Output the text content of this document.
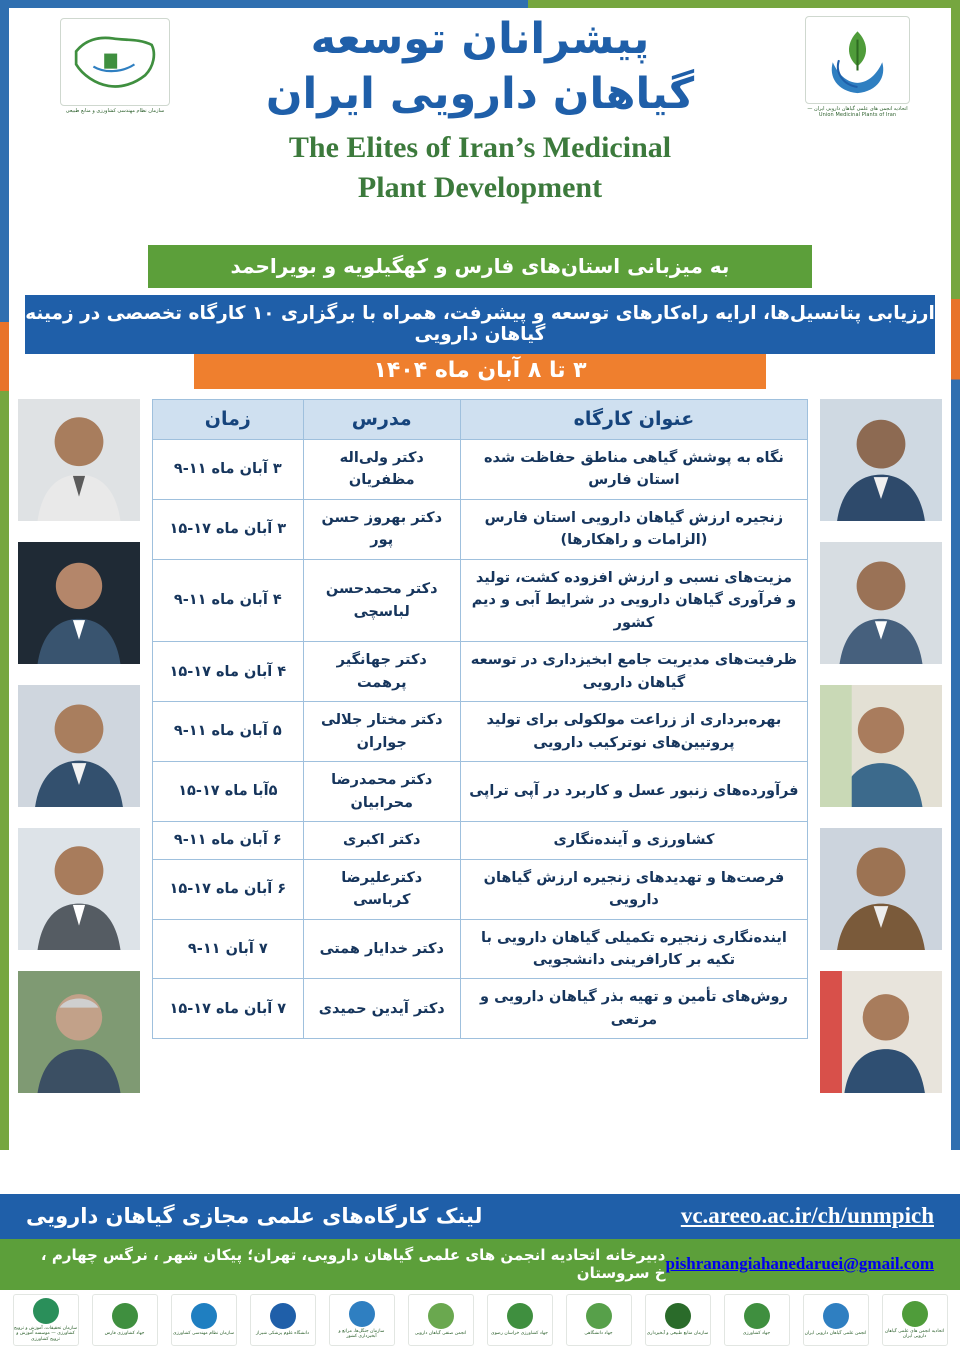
اتحادیه انجمن های علمی گیاهان دارویی ایران — Union Medicinal Plants of Iran
سازمان نظام مهندسی کشاورزی و منابع طبیعی
پیشرانان توسعه
گیاهان دارویی ایران
The Elites of Iran’s Medicinal
Plant Development
به میزبانی استان‌های فارس و کهگیلویه و بویراحمد
ارزیابی پتانسیل‌ها، ارایه راه‌کارهای توسعه و پیشرفت، همراه با برگزاری ۱۰ کارگاه تخصصی در زمینه گیاهان دارویی
۳ تا ۸ آبان ماه ۱۴۰۴
عنوان کارگاه	مدرس	زمان
نگاه به پوشش گیاهی مناطق حفاظت شده استان فارس	دکتر ولی‌اله مظفریان	۳ آبان ماه ۱۱-۹
زنجیره ارزش گیاهان دارویی استان فارس (الزامات و راهکارها)	دکتر بهروز حسن پور	۳ آبان ماه ۱۷-۱۵
مزیت‌های نسبی و ارزش افزوده کشت، تولید و فرآوری گیاهان دارویی در شرایط آبی و دیم کشور	دکتر محمدحسن لباسچی	۴ آبان ماه ۱۱-۹
ظرفیت‌های مدیریت جامع ابخیزداری در توسعه گیاهان دارویی	دکتر جهانگیر پرهمت	۴ آبان ماه ۱۷-۱۵
بهره‌برداری از زراعت مولکولی برای تولید پروتیین‌های نوترکیب دارویی	دکتر مختار جلالی جواران	۵ آبان ماه ۱۱-۹
فرآورده‌های زنبور عسل و کاربرد در آپی تراپی	دکتر محمدرضا محرابیان	۵آبا ماه ۱۷-۱۵
کشاورزی و آینده‌نگاری	دکتر اکبری	۶ آبان ماه ۱۱-۹
فرصت‌ها و تهدیدهای زنجیره ارزش گیاهان دارویی	دکترعلیرضا کرباسی	۶ آبان ماه ۱۷-۱۵
اینده‌نگاری زنجیره تکمیلی گیاهان دارویی با تکیه بر کارافرینی دانشجویی	دکتر خدایار همتی	۷ آبان ۱۱-۹
روش‌های تأمین و تهیه بذر گیاهان دارویی و مرتعی	دکتر آیدین حمیدی	۷ آبان ماه ۱۷-۱۵
لینک کارگاه‌های علمی مجازی گیاهان دارویی	vc.areeo.ac.ir/ch/unmpich
دبیرخانه اتحادیه انجمن های علمی گیاهان دارویی، تهران؛ پیکان شهر ، نرگس چهارم ، خ سروستان pishranangiahanedaruei@gmail.com
اتحادیه انجمن های علمی گیاهان دارویی ایران
انجمن علمی گیاهان دارویی ایران
جهاد کشاورزی
سازمان منابع طبیعی و آبخیزداری
جهاد دانشگاهی
جهاد کشاورزی خراسان رضوی
انجمن صنفی گیاهان دارویی
سازمان جنگل‌ها، مراتع و آبخیزداری کشور
دانشگاه علوم پزشکی شیراز
سازمان نظام مهندسی کشاورزی
جهاد کشاورزی فارس
سازمان تحقیقات، آموزش و ترویج کشاورزی — موسسه آموزش و ترویج کشاورزی
